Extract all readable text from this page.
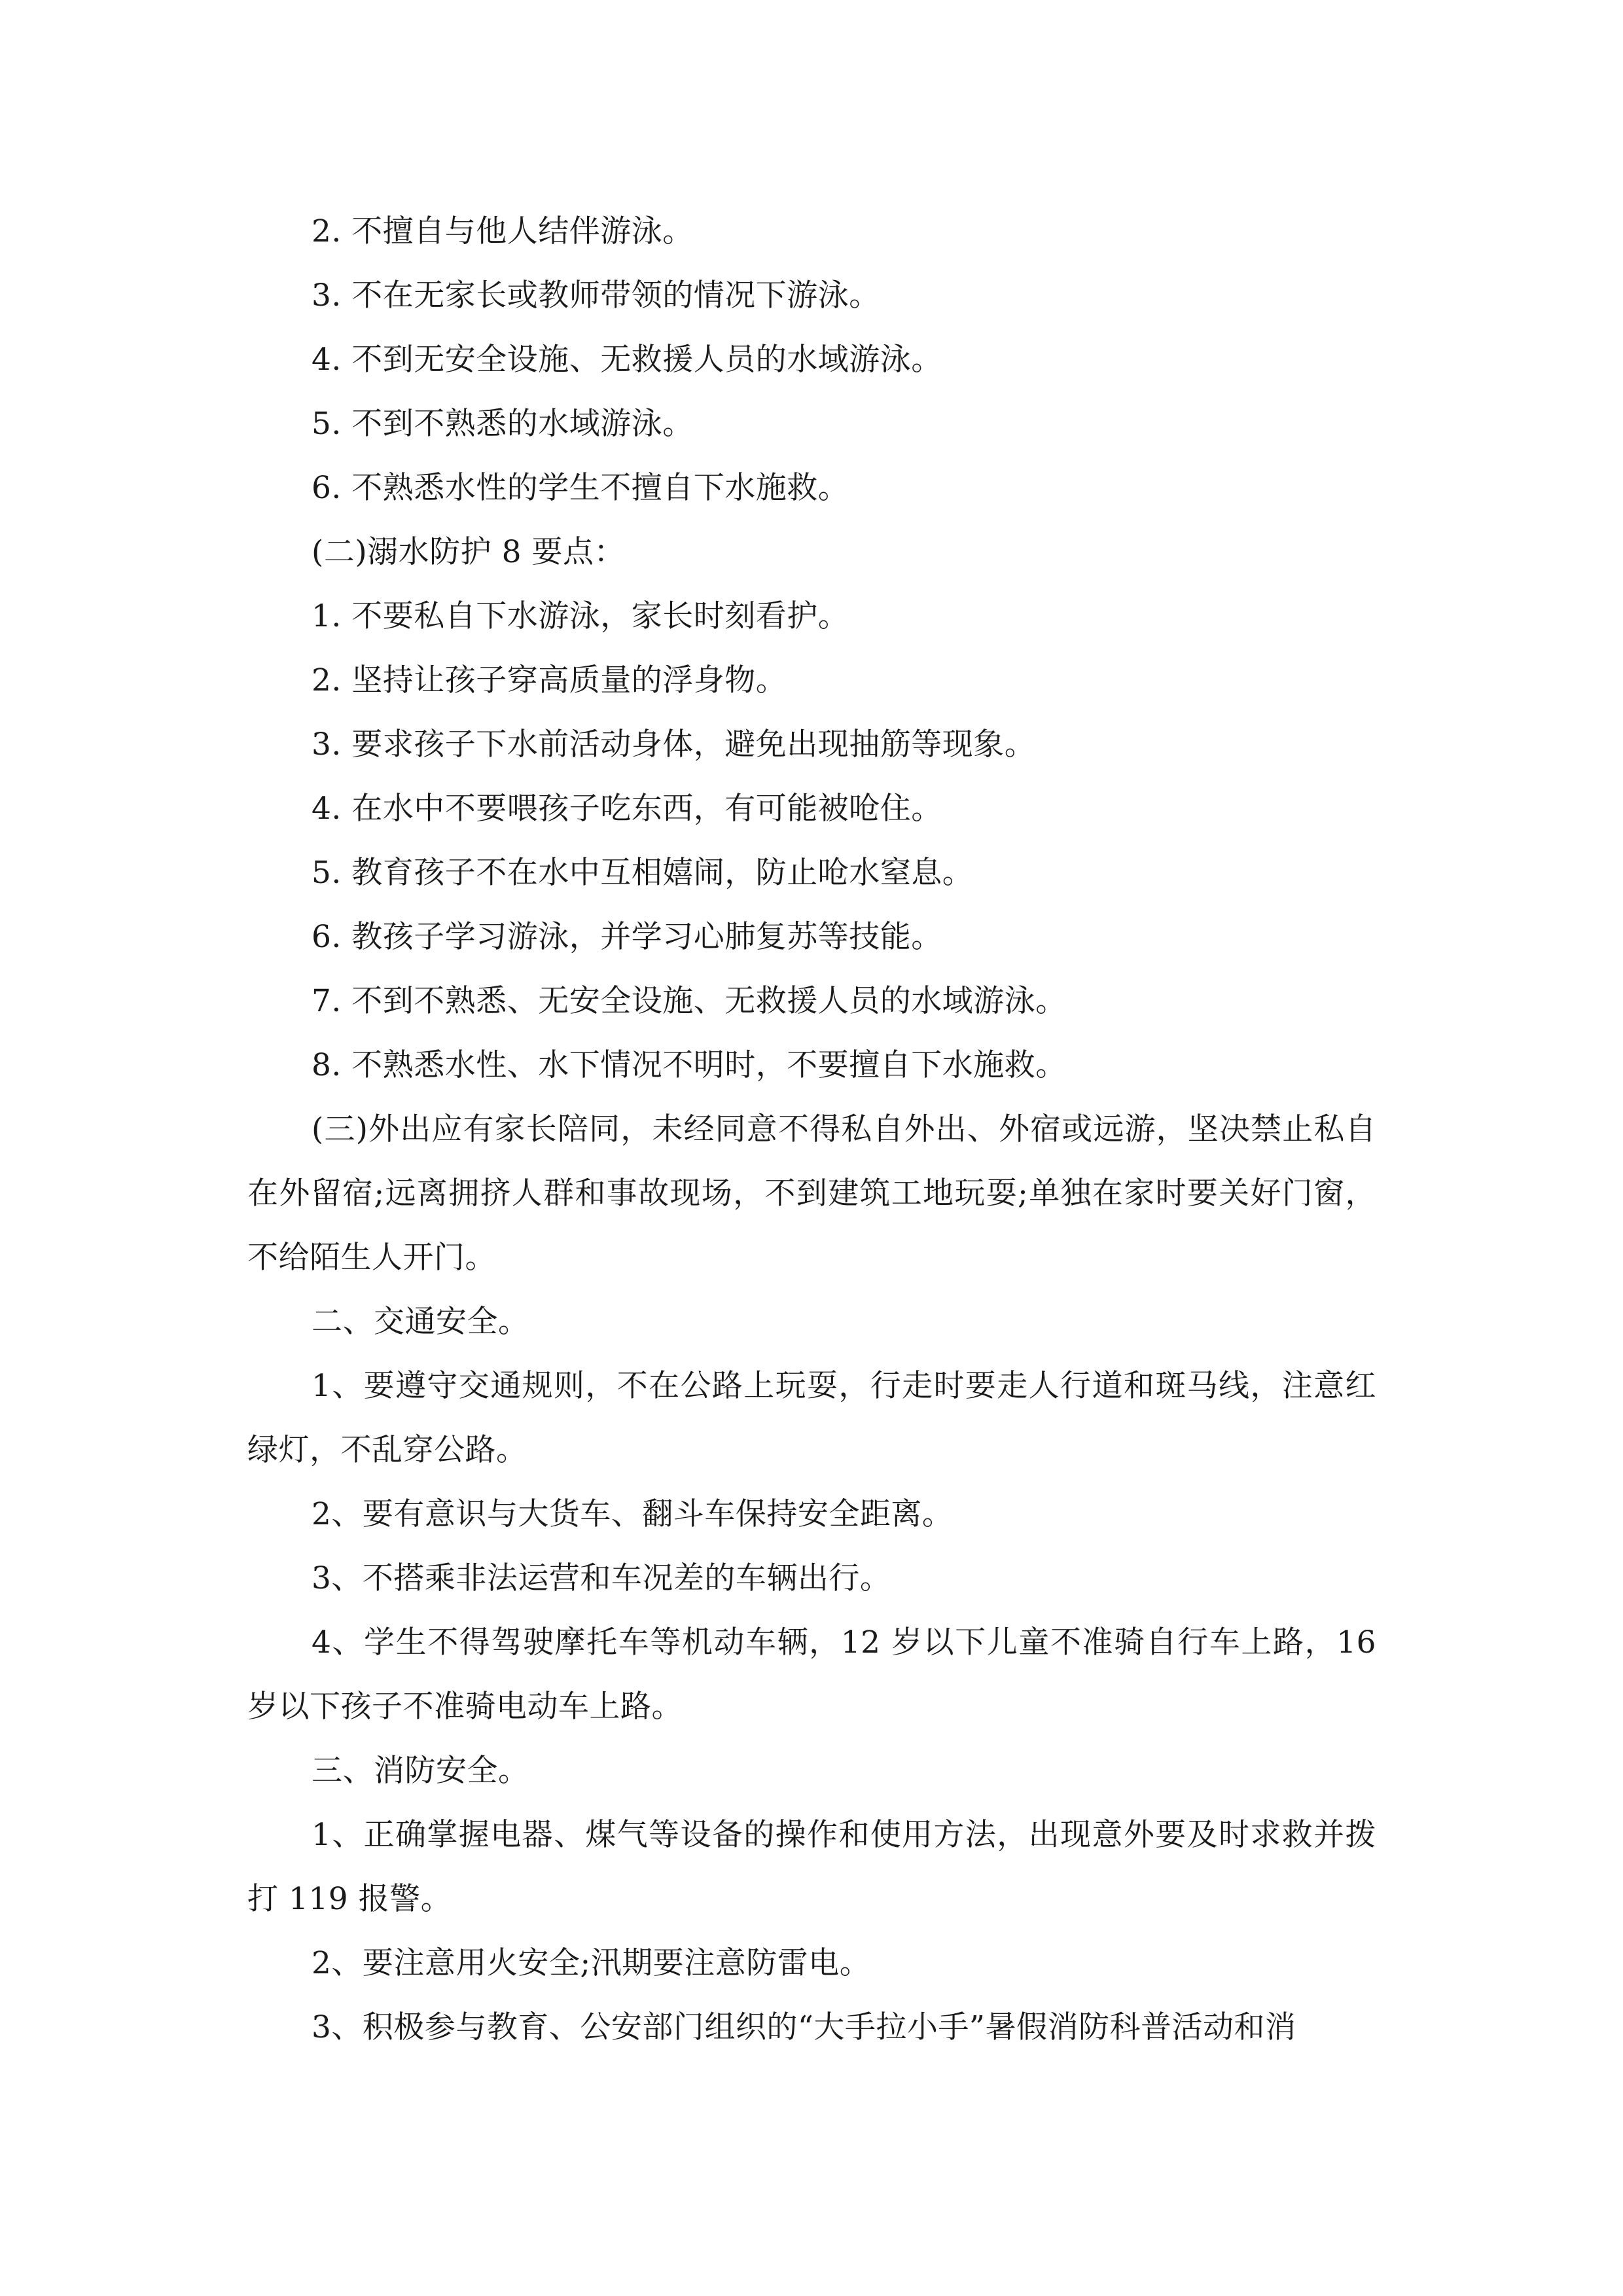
2. 不擅自与他人结伴游泳。

3. 不在无家长或教师带领的情况下游泳。

4. 不到无安全设施、无救援人员的水域游泳。

5. 不到不熟悉的水域游泳。

6. 不熟悉水性的学生不擅自下水施救。

(二)溺水防护 8 要点：

1. 不要私自下水游泳，家长时刻看护。

2. 坚持让孩子穿高质量的浮身物。

3. 要求孩子下水前活动身体，避免出现抽筋等现象。

4. 在水中不要喂孩子吃东西，有可能被呛住。

5. 教育孩子不在水中互相嬉闹，防止呛水窒息。

6. 教孩子学习游泳，并学习心肺复苏等技能。

7. 不到不熟悉、无安全设施、无救援人员的水域游泳。

8. 不熟悉水性、水下情况不明时，不要擅自下水施救。

(三)外出应有家长陪同，未经同意不得私自外出、外宿或远游，坚决禁止私自在外留宿;远离拥挤人群和事故现场，不到建筑工地玩耍;单独在家时要关好门窗，不给陌生人开门。

二、交通安全。

1、要遵守交通规则，不在公路上玩耍，行走时要走人行道和斑马线，注意红绿灯，不乱穿公路。

2、要有意识与大货车、翻斗车保持安全距离。

3、不搭乘非法运营和车况差的车辆出行。

4、学生不得驾驶摩托车等机动车辆，12 岁以下儿童不准骑自行车上路，16 岁以下孩子不准骑电动车上路。

三、消防安全。

1、正确掌握电器、煤气等设备的操作和使用方法，出现意外要及时求救并拨打 119 报警。

2、要注意用火安全;汛期要注意防雷电。

3、积极参与教育、公安部门组织的“大手拉小手”暑假消防科普活动和消
